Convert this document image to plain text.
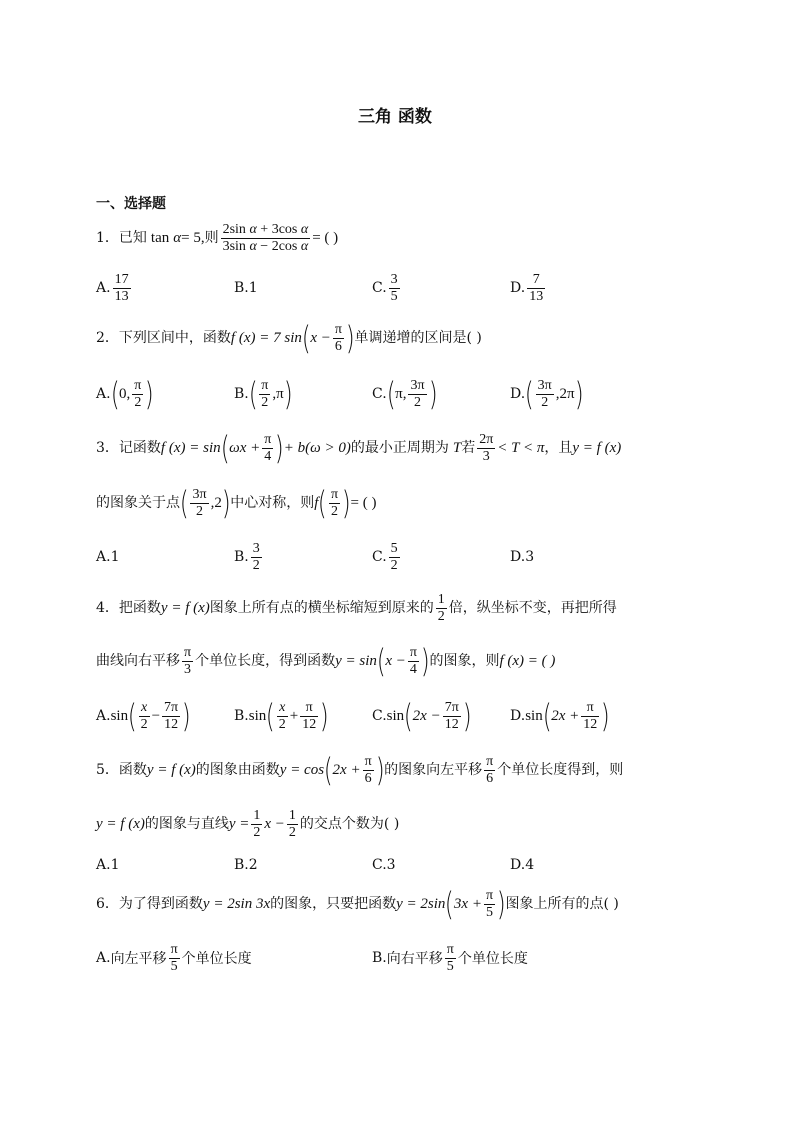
三角 函数
一、选择题
1． 已知 tan α = 5, 则 $\frac{\text{2sin α + 3cos α}}{\text{3sin α − 2cos α}}$ = ( )
A. $\frac{17}{13}$	B. 1	C. $\frac{3}{5}$	D. $\frac{7}{13}$
2． 下列区间中，函数 f (x) = 7 sin ( $x - \frac{\pi}{6}$ ) 单调递增的区间是( )
A. ( 0, $\frac{\pi}{2}$ )	B. ( $\frac{\pi}{2} ,\pi$ )	C. ( π, $\frac{3\pi}{2}$ )	D. ( $\frac{3\pi}{2} ,2\pi$ )
3． 记函数 f (x) = sin ( $\omega x + \frac{\pi}{4}$ ) + b(ω > 0) 的最小正周期为 T 若 $\frac{2\pi}{3} < T < \pi$ ，且 y = f (x)
的图象关于点 ( $\frac{3\pi}{2} ,2$ ) 中心对称，则 f ( $\frac{\pi}{2}$ ) = ( )
A. 1	B. $\frac{3}{2}$	C. $\frac{5}{2}$	D. 3
4． 把函数 y = f (x) 图象上所有点的横坐标缩短到原来的 $\frac{1}{2}$ 倍，纵坐标不变，再把所得
曲线向右平移 $\frac{\pi}{3}$ 个单位长度，得到函数 y = sin ( $x - \frac{\pi}{4}$ ) 的图象，则 f (x) = ( )
A. sin ( $\frac{x}{2} - \frac{7\pi}{12}$ )	B. sin ( $\frac{x}{2} + \frac{\pi}{12}$ )	C. sin ( $2x - \frac{7\pi}{12}$ )	D. sin ( $2x + \frac{\pi}{12}$ )
5． 函数 y = f (x) 的图象由函数 y = cos ( $2x + \frac{\pi}{6}$ ) 的图象向左平移 $\frac{\pi}{6}$ 个单位长度得到，则
y = f (x) 的图象与直线 $y = \frac{1}{2}$ $x - \frac{1}{2}$ 的交点个数为( )
A. 1	B. 2	C. 3	D. 4
6． 为了得到函数 y = 2sin 3x 的图象，只要把函数 y = 2sin ( $3x + \frac{\pi}{5}$ ) 图象上所有的点( )
A. 向左平移 $\frac{\pi}{5}$ 个单位长度	B. 向右平移 $\frac{\pi}{5}$ 个单位长度
